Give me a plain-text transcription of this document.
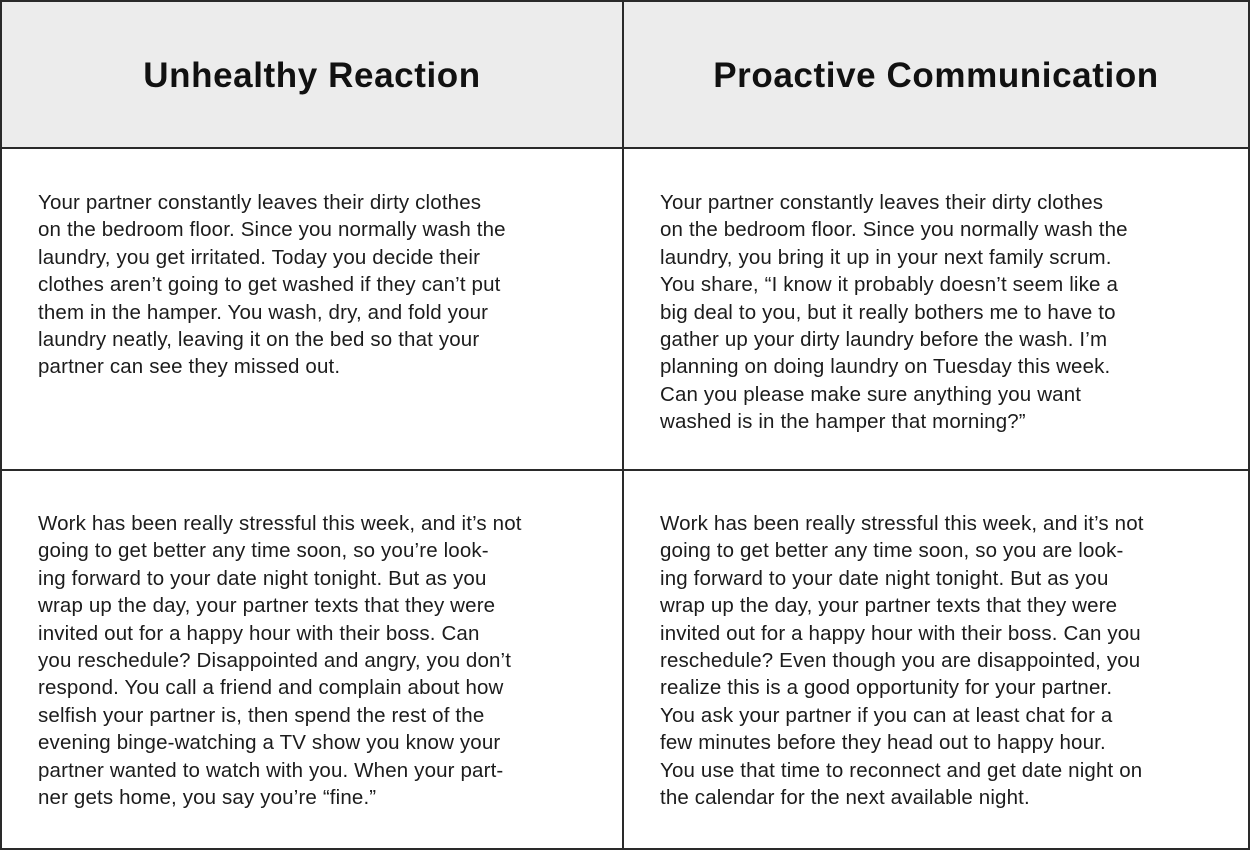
Unhealthy Reaction	Proactive Communication

Your partner constantly leaves their dirty clothes
on the bedroom floor. Since you normally wash the
laundry, you get irritated. Today you decide their
clothes aren’t going to get washed if they can’t put
them in the hamper. You wash, dry, and fold your
laundry neatly, leaving it on the bed so that your
partner can see they missed out.

Your partner constantly leaves their dirty clothes
on the bedroom floor. Since you normally wash the
laundry, you bring it up in your next family scrum.
You share, “I know it probably doesn’t seem like a
big deal to you, but it really bothers me to have to
gather up your dirty laundry before the wash. I’m
planning on doing laundry on Tuesday this week.
Can you please make sure anything you want
washed is in the hamper that morning?”

Work has been really stressful this week, and it’s not
going to get better any time soon, so you’re look-
ing forward to your date night tonight. But as you
wrap up the day, your partner texts that they were
invited out for a happy hour with their boss. Can
you reschedule? Disappointed and angry, you don’t
respond. You call a friend and complain about how
selfish your partner is, then spend the rest of the
evening binge-watching a TV show you know your
partner wanted to watch with you. When your part-
ner gets home, you say you’re “fine.”

Work has been really stressful this week, and it’s not
going to get better any time soon, so you are look-
ing forward to your date night tonight. But as you
wrap up the day, your partner texts that they were
invited out for a happy hour with their boss. Can you
reschedule? Even though you are disappointed, you
realize this is a good opportunity for your partner.
You ask your partner if you can at least chat for a
few minutes before they head out to happy hour.
You use that time to reconnect and get date night on
the calendar for the next available night.
